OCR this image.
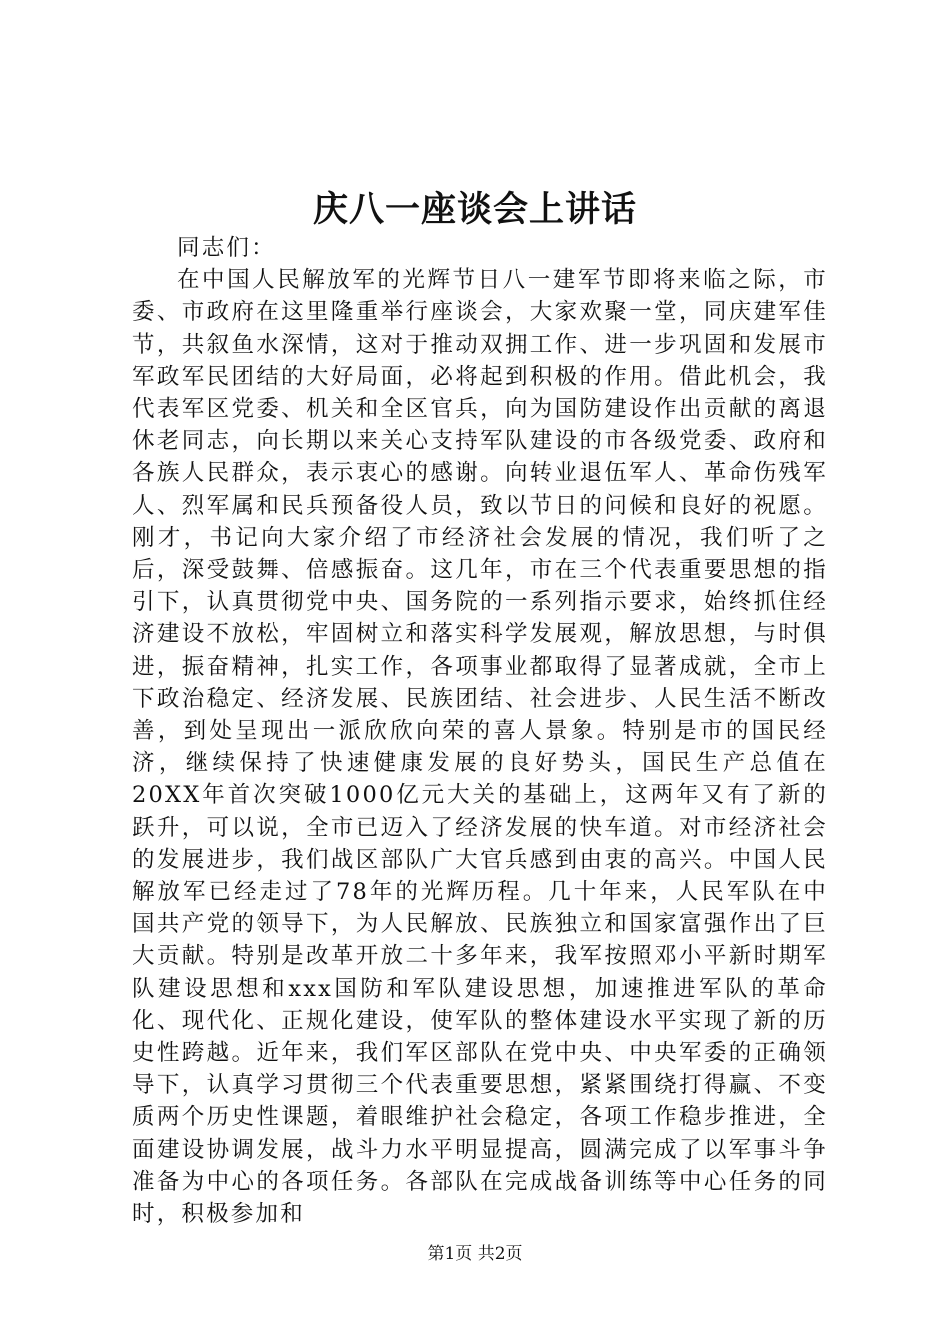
庆八一座谈会上讲话

同志们：

在中国人民解放军的光辉节日八一建军节即将来临之际，市委、市政府在这里隆重举行座谈会，大家欢聚一堂，同庆建军佳节，共叙鱼水深情，这对于推动双拥工作、进一步巩固和发展市军政军民团结的大好局面，必将起到积极的作用。借此机会，我代表军区党委、机关和全区官兵，向为国防建设作出贡献的离退休老同志，向长期以来关心支持军队建设的市各级党委、政府和各族人民群众，表示衷心的感谢。向转业退伍军人、革命伤残军人、烈军属和民兵预备役人员，致以节日的问候和良好的祝愿。刚才，书记向大家介绍了市经济社会发展的情况，我们听了之后，深受鼓舞、倍感振奋。这几年，市在三个代表重要思想的指引下，认真贯彻党中央、国务院的一系列指示要求，始终抓住经济建设不放松，牢固树立和落实科学发展观，解放思想，与时俱进，振奋精神，扎实工作，各项事业都取得了显著成就，全市上下政治稳定、经济发展、民族团结、社会进步、人民生活不断改善，到处呈现出一派欣欣向荣的喜人景象。特别是市的国民经济，继续保持了快速健康发展的良好势头，国民生产总值在20XX年首次突破1000亿元大关的基础上，这两年又有了新的跃升，可以说，全市已迈入了经济发展的快车道。对市经济社会的发展进步，我们战区部队广大官兵感到由衷的高兴。中国人民解放军已经走过了78年的光辉历程。几十年来，人民军队在中国共产党的领导下，为人民解放、民族独立和国家富强作出了巨大贡献。特别是改革开放二十多年来，我军按照邓小平新时期军队建设思想和xxx国防和军队建设思想，加速推进军队的革命化、现代化、正规化建设，使军队的整体建设水平实现了新的历史性跨越。近年来，我们军区部队在党中央、中央军委的正确领导下，认真学习贯彻三个代表重要思想，紧紧围绕打得赢、不变质两个历史性课题，着眼维护社会稳定，各项工作稳步推进，全面建设协调发展，战斗力水平明显提高，圆满完成了以军事斗争准备为中心的各项任务。各部队在完成战备训练等中心任务的同时，积极参加和

第1页 共2页
